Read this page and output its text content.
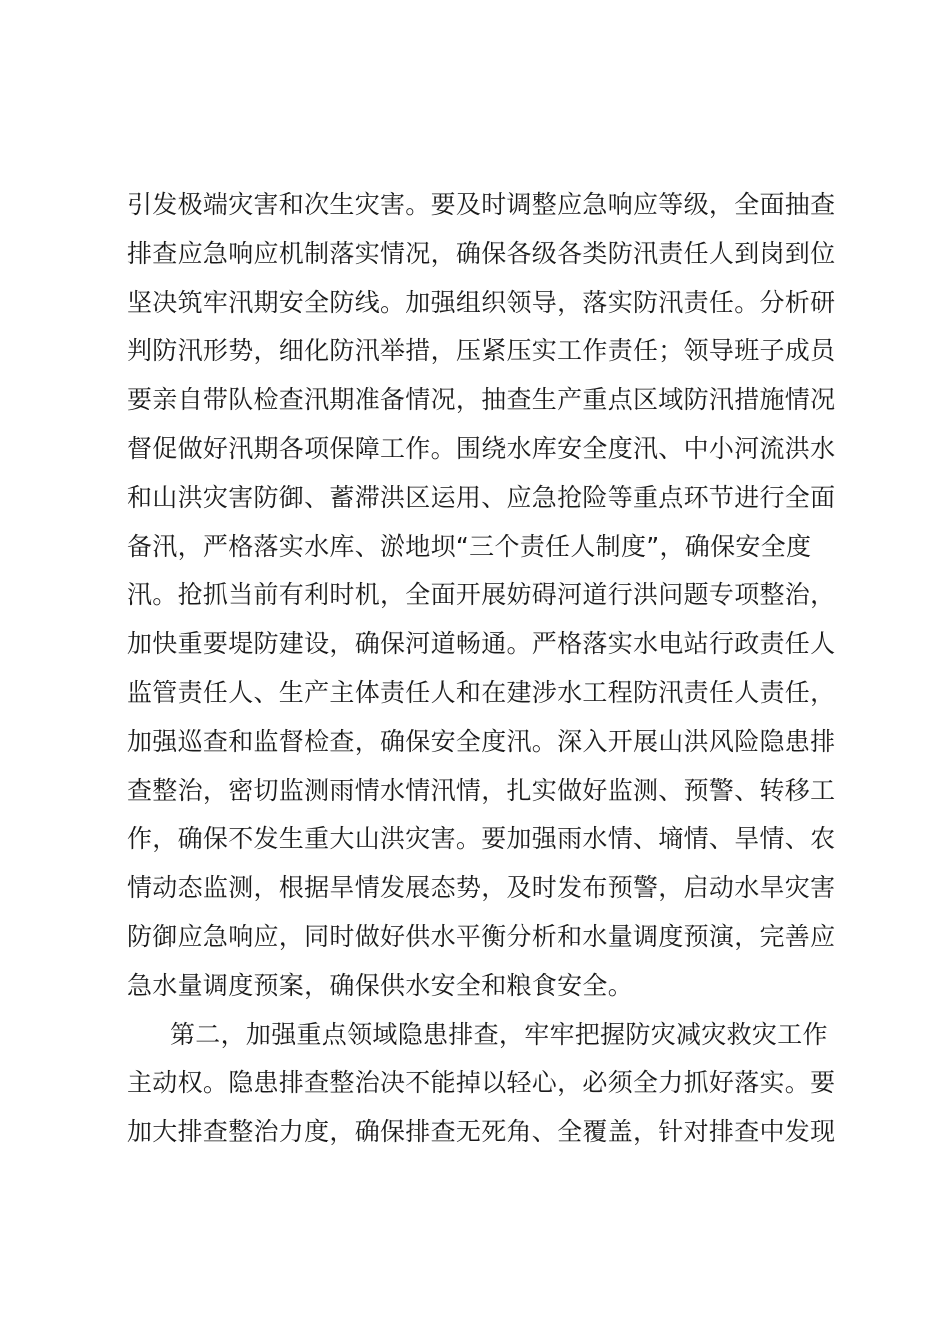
引发极端灾害和次生灾害。要及时调整应急响应等级，全面抽查
排查应急响应机制落实情况，确保各级各类防汛责任人到岗到位
坚决筑牢汛期安全防线。加强组织领导，落实防汛责任。分析研
判防汛形势，细化防汛举措，压紧压实工作责任；领导班子成员
要亲自带队检查汛期准备情况，抽查生产重点区域防汛措施情况
督促做好汛期各项保障工作。围绕水库安全度汛、中小河流洪水
和山洪灾害防御、蓄滞洪区运用、应急抢险等重点环节进行全面
备汛，严格落实水库、淤地坝“三个责任人制度”，确保安全度
汛。抢抓当前有利时机，全面开展妨碍河道行洪问题专项整治，
加快重要堤防建设，确保河道畅通。严格落实水电站行政责任人
监管责任人、生产主体责任人和在建涉水工程防汛责任人责任，
加强巡查和监督检查，确保安全度汛。深入开展山洪风险隐患排
查整治，密切监测雨情水情汛情，扎实做好监测、预警、转移工
作，确保不发生重大山洪灾害。要加强雨水情、墒情、旱情、农
情动态监测，根据旱情发展态势，及时发布预警，启动水旱灾害
防御应急响应，同时做好供水平衡分析和水量调度预演，完善应
急水量调度预案，确保供水安全和粮食安全。
第二，加强重点领域隐患排查，牢牢把握防灾减灾救灾工作
主动权。隐患排查整治决不能掉以轻心，必须全力抓好落实。要
加大排查整治力度，确保排查无死角、全覆盖，针对排查中发现
